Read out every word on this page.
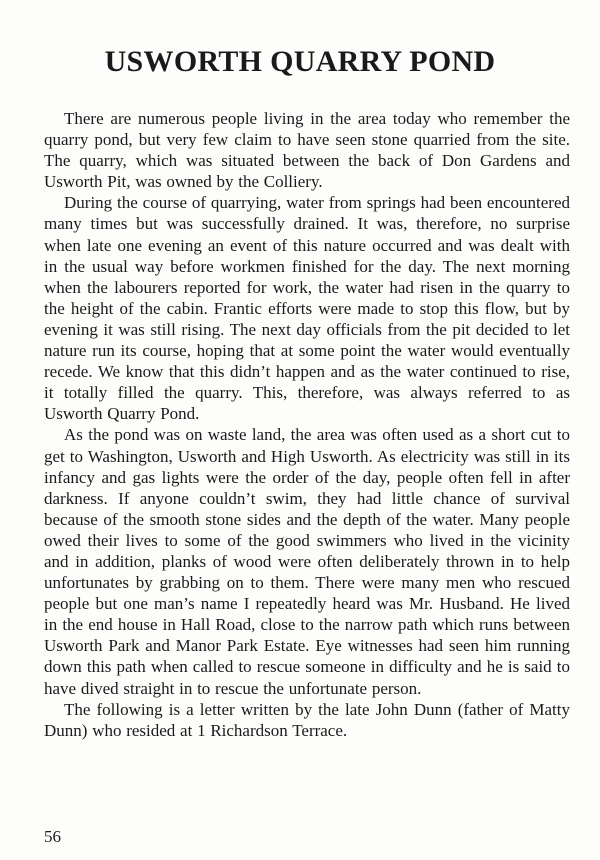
USWORTH QUARRY POND

There are numerous people living in the area today who remember the quarry pond, but very few claim to have seen stone quarried from the site. The quarry, which was situated between the back of Don Gardens and Usworth Pit, was owned by the Colliery.

During the course of quarrying, water from springs had been encountered many times but was successfully drained. It was, therefore, no surprise when late one evening an event of this nature occurred and was dealt with in the usual way before workmen finished for the day. The next morning when the labourers reported for work, the water had risen in the quarry to the height of the cabin. Frantic efforts were made to stop this flow, but by evening it was still rising. The next day officials from the pit decided to let nature run its course, hoping that at some point the water would eventually recede. We know that this didn’t happen and as the water continued to rise, it totally filled the quarry. This, therefore, was always referred to as Usworth Quarry Pond.

As the pond was on waste land, the area was often used as a short cut to get to Washington, Usworth and High Usworth. As electricity was still in its infancy and gas lights were the order of the day, people often fell in after darkness. If anyone couldn’t swim, they had little chance of survival because of the smooth stone sides and the depth of the water. Many people owed their lives to some of the good swimmers who lived in the vicinity and in addition, planks of wood were often deliberately thrown in to help unfortunates by grabbing on to them. There were many men who rescued people but one man’s name I repeatedly heard was Mr. Husband. He lived in the end house in Hall Road, close to the narrow path which runs between Usworth Park and Manor Park Estate. Eye witnesses had seen him running down this path when called to rescue someone in difficulty and he is said to have dived straight in to rescue the unfortunate person.

The following is a letter written by the late John Dunn (father of Matty Dunn) who resided at 1 Richardson Terrace.

56
